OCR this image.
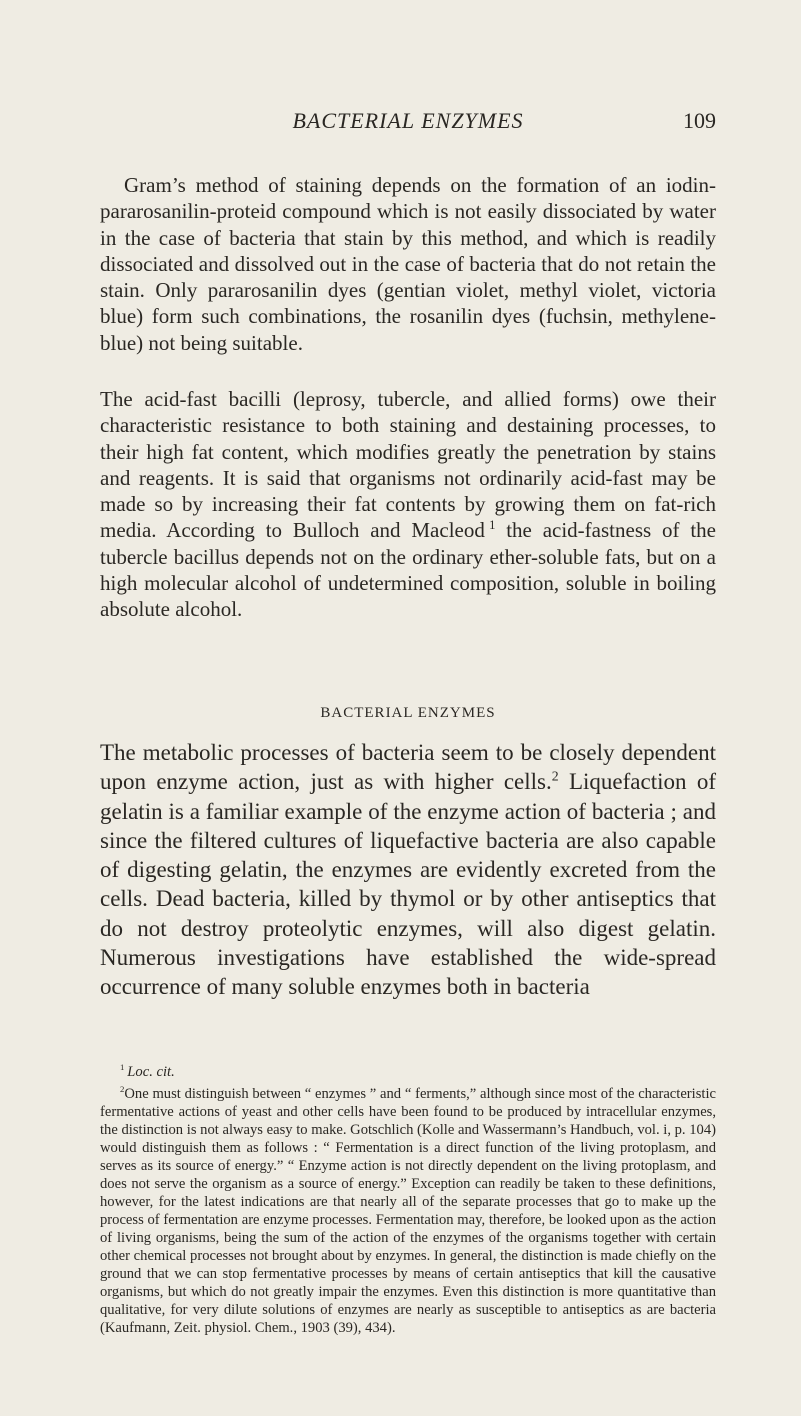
BACTERIAL ENZYMES	109

Gram’s method of staining depends on the formation of an iodin-pararosanilin-proteid compound which is not easily dissociated by water in the case of bacteria that stain by this method, and which is readily dissociated and dissolved out in the case of bacteria that do not retain the stain. Only pararosanilin dyes (gentian violet, methyl violet, victoria blue) form such combinations, the rosanilin dyes (fuchsin, methylene-blue) not being suitable.

The acid-fast bacilli (leprosy, tubercle, and allied forms) owe their characteristic resistance to both staining and destaining processes, to their high fat content, which modifies greatly the penetration by stains and reagents. It is said that organisms not ordinarily acid-fast may be made so by increasing their fat contents by growing them on fat-rich media. According to Bulloch and Macleod  $^1$ the acid-fastness of the tubercle bacillus depends not on the ordinary ether-soluble fats, but on a high molecular alcohol of undetermined composition, soluble in boiling absolute alcohol.

BACTERIAL ENZYMES

The metabolic processes of bacteria seem to be closely dependent upon enzyme action, just as with higher cells.$^2$ Liquefaction of gelatin is a familiar example of the enzyme action of bacteria ; and since the filtered cultures of liquefactive bacteria are also capable of digesting gelatin, the enzymes are evidently excreted from the cells. Dead bacteria, killed by thymol or by other antiseptics that do not destroy proteolytic enzymes, will also digest gelatin. Numerous investigations have established the wide-spread occurrence of many soluble enzymes both in bacteria

$^1$  Loc. cit.

$^2$One must distinguish between “ enzymes ” and “ ferments,” although since most of the characteristic fermentative actions of yeast and other cells have been found to be produced by intracellular enzymes, the distinction is not always easy to make. Gotschlich (Kolle and Wassermann’s Handbuch, vol. i, p. 104) would distinguish them as follows : “ Fermentation is a direct function of the living protoplasm, and serves as its source of energy.” “ Enzyme action is not directly dependent on the living protoplasm, and does not serve the organism as a source of energy.” Exception can readily be taken to these definitions, however, for the latest indications are that nearly all of the separate processes that go to make up the process of fermentation are enzyme processes. Fermentation may, therefore, be looked upon as the action of living organisms, being the sum of the action of the enzymes of the organisms together with certain other chemical processes not brought about by enzymes. In general, the distinction is made chiefly on the ground that we can stop fermentative processes by means of certain antiseptics that kill the causative organisms, but which do not greatly impair the enzymes. Even this distinction is more quantitative than qualitative, for very dilute solutions of enzymes are nearly as susceptible to antiseptics as are bacteria (Kaufmann, Zeit. physiol. Chem., 1903 (39), 434).
